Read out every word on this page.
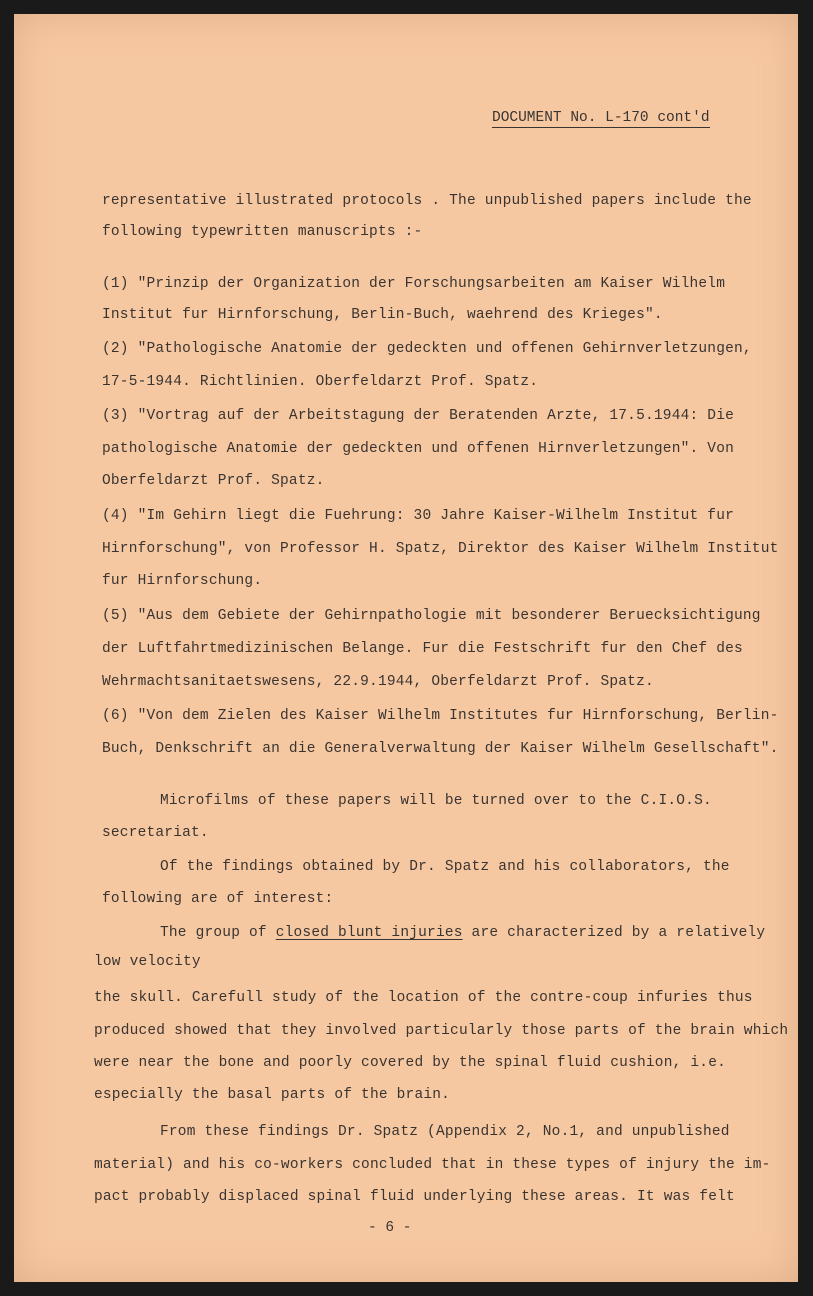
DOCUMENT No. L-170 cont'd
representative illustrated protocols . The unpublished papers include the
following typewritten manuscripts :-
(1) "Prinzip der Organization der Forschungsarbeiten am Kaiser Wilhelm
Institut fur Hirnforschung, Berlin-Buch, waehrend des Krieges".
(2) "Pathologische Anatomie der gedeckten und offenen Gehirnverletzungen,
17-5-1944. Richtlinien. Oberfeldarzt Prof. Spatz.
(3) "Vortrag auf der Arbeitstagung der Beratenden Arzte, 17.5.1944: Die
pathologische Anatomie der gedeckten und offenen Hirnverletzungen". Von
Oberfeldarzt Prof. Spatz.
(4) "Im Gehirn liegt die Fuehrung: 30 Jahre Kaiser-Wilhelm Institut fur
Hirnforschung", von Professor H. Spatz, Direktor des Kaiser Wilhelm Institut
fur Hirnforschung.
(5) "Aus dem Gebiete der Gehirnpathologie mit besonderer Beruecksichtigung
der Luftfahrtmedizinischen Belange. Fur die Festschrift fur den Chef des
Wehrmachtsanitaetswesens, 22.9.1944, Oberfeldarzt Prof. Spatz.
(6) "Von dem Zielen des Kaiser Wilhelm Institutes fur Hirnforschung, Berlin-
Buch, Denkschrift an die Generalverwaltung der Kaiser Wilhelm Gesellschaft".
Microfilms of these papers will be turned over to the C.I.O.S.
secretariat.
Of the findings obtained by Dr. Spatz and his collaborators, the
following are of interest:
The group of closed blunt injuries are characterized by a relatively
low velocity
the skull. Carefull study of the location of the contre-coup infuries thus
produced showed that they involved particularly those parts of the brain which
were near the bone and poorly covered by the spinal fluid cushion, i.e.
especially the basal parts of the brain.
From these findings Dr. Spatz (Appendix 2, No.1, and unpublished
material) and his co-workers concluded that in these types of injury the im-
pact probably displaced spinal fluid underlying these areas. It was felt
- 6 -
